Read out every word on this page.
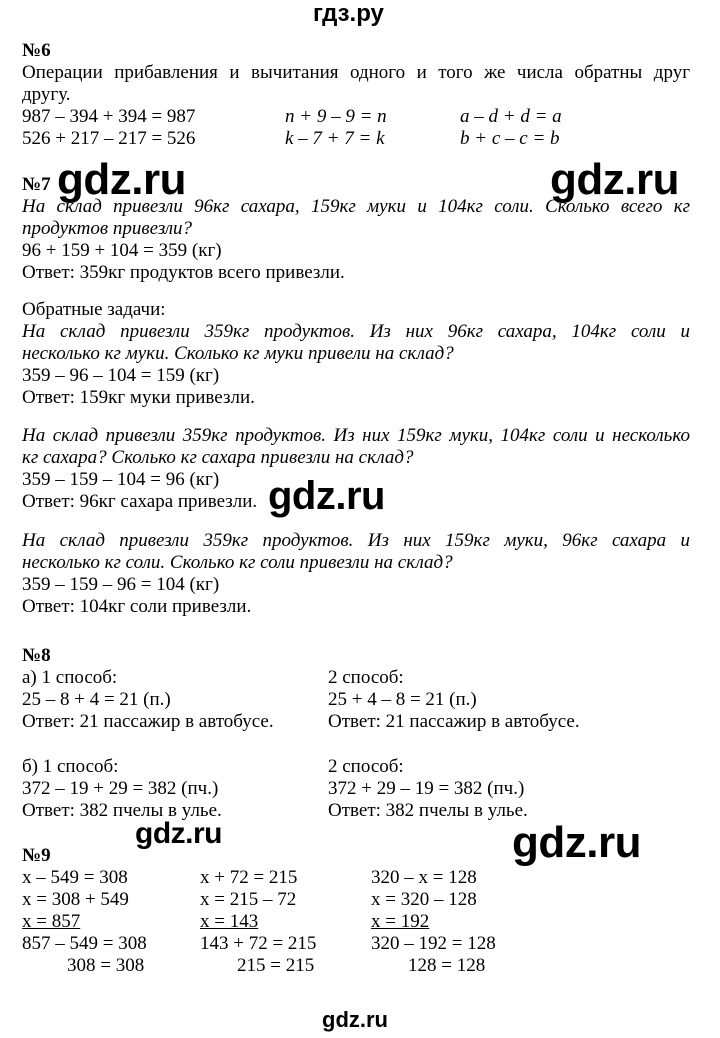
гдз.ру
№6
Операции прибавления и вычитания одного и того же числа обратны друг
другу.
987 – 394 + 394 = 987
526 + 217 – 217 = 526
n + 9 – 9 = n
k – 7 + 7 = k
a – d + d = a
b + c – c = b
№7 gdz.ru	gdz.ru
На склад привезли 96кг сахара, 159кг муки и 104кг соли. Сколько всего кг
продуктов привезли?
96 + 159 + 104 = 359 (кг)
Ответ: 359кг продуктов всего привезли.
Обратные задачи:
На склад привезли 359кг продуктов. Из них 96кг сахара, 104кг соли и
несколько кг муки. Сколько кг муки привели на склад?
359 – 96 – 104 = 159 (кг)
Ответ: 159кг муки привезли.
На склад привезли 359кг продуктов. Из них 159кг муки, 104кг соли и несколько
кг сахара? Сколько кг сахара привезли на склад?
359 – 159 – 104 = 96 (кг)
Ответ: 96кг сахара привезли. gdz.ru
На склад привезли 359кг продуктов. Из них 159кг муки, 96кг сахара и
несколько кг соли. Сколько кг соли привезли на склад?
359 – 159 – 96 = 104 (кг)
Ответ: 104кг соли привезли.
№8
а) 1 способ:
25 – 8 + 4 = 21 (п.)
Ответ: 21 пассажир в автобусе.
2 способ:
25 + 4 – 8 = 21 (п.)
Ответ: 21 пассажир в автобусе.
б) 1 способ:
372 – 19 + 29 = 382 (пч.)
Ответ: 382 пчелы в улье.
2 способ:
372 + 29 – 19 = 382 (пч.)
Ответ: 382 пчелы в улье.
gdz.ru	gdz.ru
№9
x – 549 = 308
x = 308 + 549
x = 857
857 – 549 = 308
308 = 308
x + 72 = 215
x = 215 – 72
x = 143
143 + 72 = 215
215 = 215
320 – x = 128
x = 320 – 128
x = 192
320 – 192 = 128
128 = 128
gdz.ru
